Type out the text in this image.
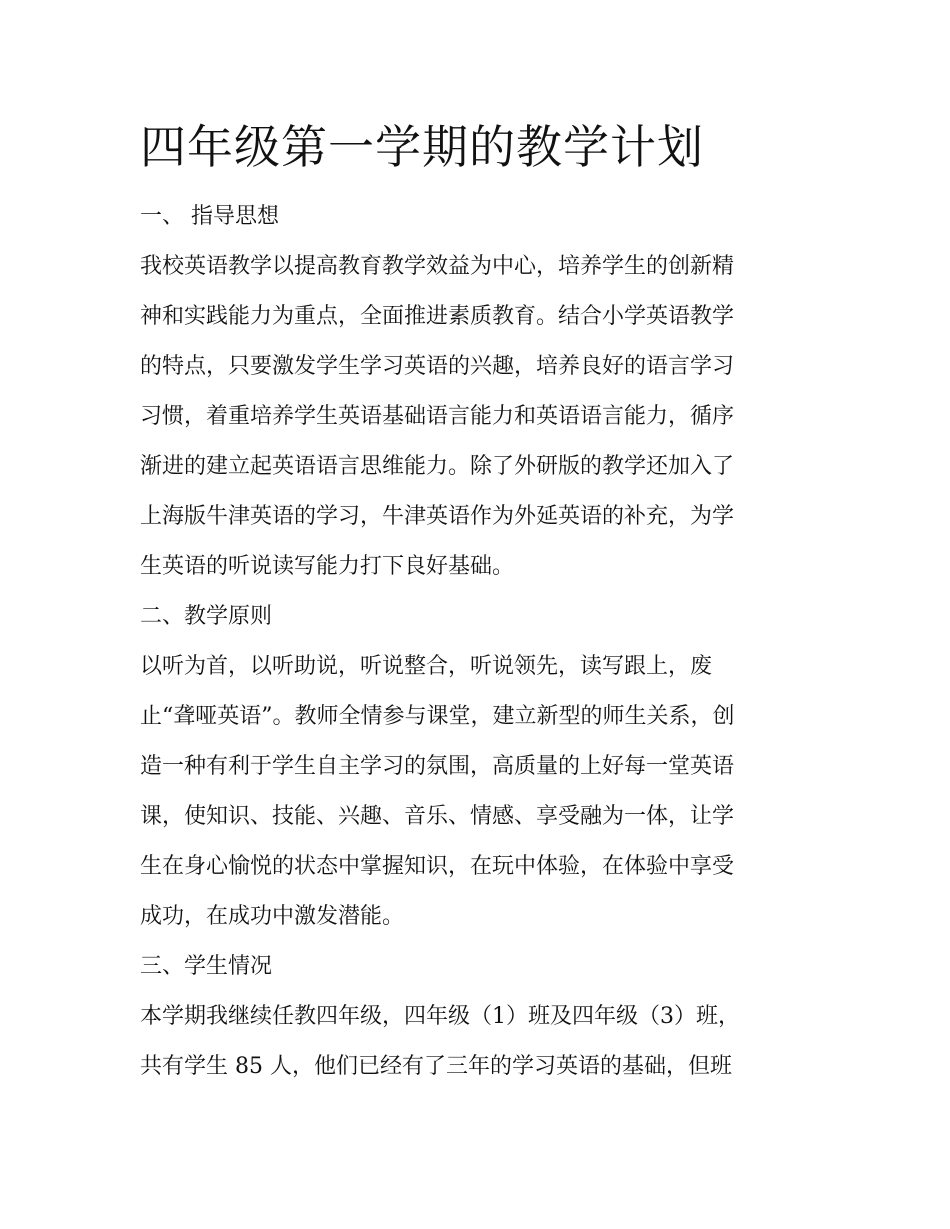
四年级第一学期的教学计划

一、 指导思想

我校英语教学以提高教育教学效益为中心，培养学生的创新精

神和实践能力为重点，全面推进素质教育。结合小学英语教学

的特点，只要激发学生学习英语的兴趣，培养良好的语言学习

习惯，着重培养学生英语基础语言能力和英语语言能力，循序

渐进的建立起英语语言思维能力。除了外研版的教学还加入了

上海版牛津英语的学习，牛津英语作为外延英语的补充，为学

生英语的听说读写能力打下良好基础。

二、教学原则

以听为首，以听助说，听说整合，听说领先，读写跟上，废

止“聋哑英语”。教师全情参与课堂，建立新型的师生关系，创

造一种有利于学生自主学习的氛围，高质量的上好每一堂英语

课，使知识、技能、兴趣、音乐、情感、享受融为一体，让学

生在身心愉悦的状态中掌握知识，在玩中体验，在体验中享受

成功，在成功中激发潜能。

三、学生情况

本学期我继续任教四年级，四年级（1）班及四年级（3）班，

共有学生 85 人，他们已经有了三年的学习英语的基础，但班
